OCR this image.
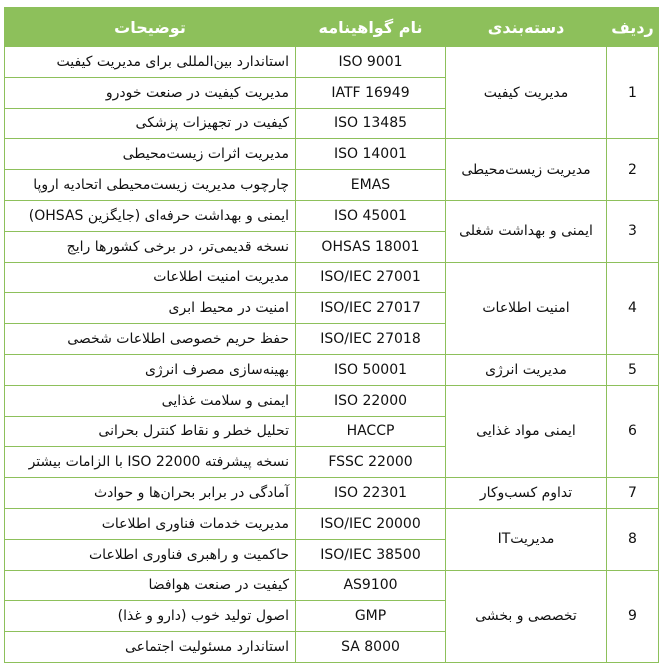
ردیف	دسته‌بندی	نام گواهینامه	توضیحات
1	مدیریت کیفیت	ISO 9001	استاندارد بین‌المللی برای مدیریت کیفیت
		IATF 16949	مدیریت کیفیت در صنعت خودرو
		ISO 13485	کیفیت در تجهیزات پزشکی
2	مدیریت زیست‌محیطی	ISO 14001	مدیریت اثرات زیست‌محیطی
		EMAS	چارچوب مدیریت زیست‌محیطی اتحادیه اروپا
3	ایمنی و بهداشت شغلی	ISO 45001	ایمنی و بهداشت حرفه‌ای (جایگزین OHSAS)
		OHSAS 18001	نسخه قدیمی‌تر، در برخی کشورها رایج
4	امنیت اطلاعات	ISO/IEC 27001	مدیریت امنیت اطلاعات
		ISO/IEC 27017	امنیت در محیط ابری
		ISO/IEC 27018	حفظ حریم خصوصی اطلاعات شخصی
5	مدیریت انرژی	ISO 50001	بهینه‌سازی مصرف انرژی
6	ایمنی مواد غذایی	ISO 22000	ایمنی و سلامت غذایی
		HACCP	تحلیل خطر و نقاط کنترل بحرانی
		FSSC 22000	نسخه پیشرفته ISO 22000 با الزامات بیشتر
7	تداوم کسب‌وکار	ISO 22301	آمادگی در برابر بحران‌ها و حوادث
8	مدیریتIT	ISO/IEC 20000	مدیریت خدمات فناوری اطلاعات
		ISO/IEC 38500	حاکمیت و راهبری فناوری اطلاعات
9	تخصصی و بخشی	AS9100	کیفیت در صنعت هوافضا
		GMP	اصول تولید خوب (دارو و غذا)
		SA 8000	استاندارد مسئولیت اجتماعی
